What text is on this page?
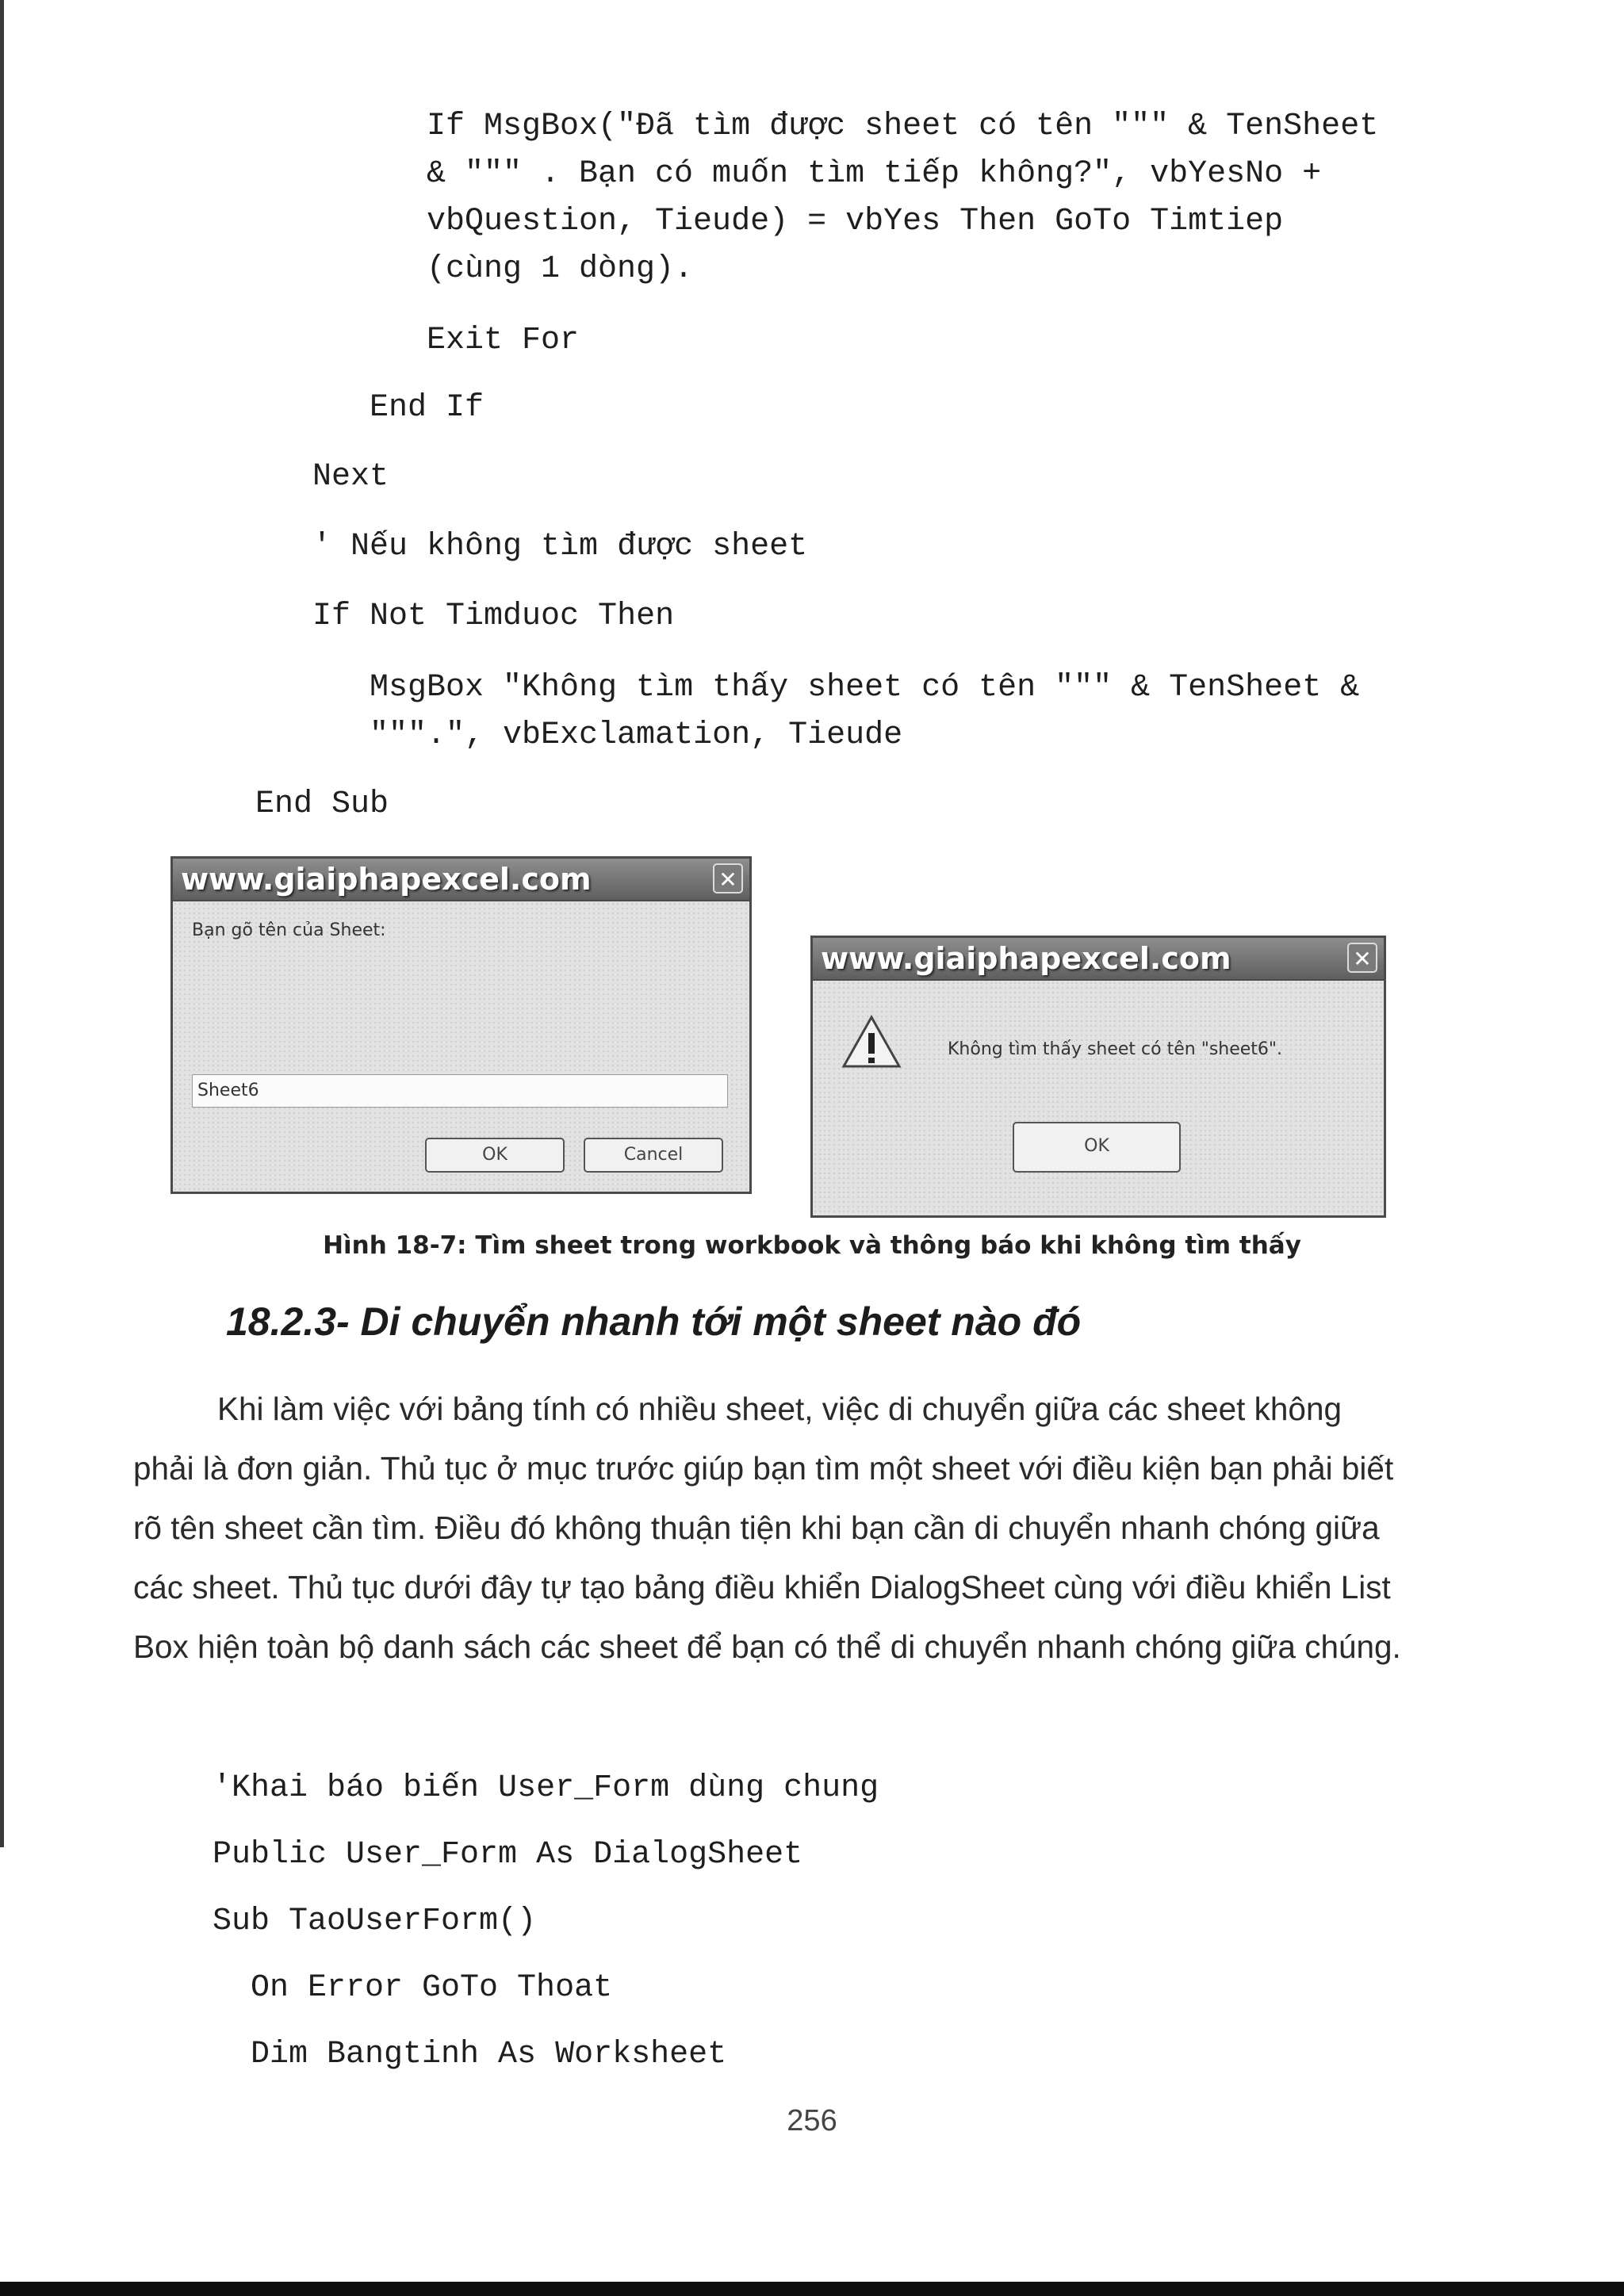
If MsgBox("Đã tìm được sheet có tên """ & TenSheet
& """ . Bạn có muốn tìm tiếp không?", vbYesNo +
vbQuestion, Tieude) = vbYes Then GoTo Timtiep
(cùng 1 dòng).
Exit For
End If
Next
' Nếu không tìm được sheet
If Not Timduoc Then
MsgBox "Không tìm thấy sheet có tên """ & TenSheet &
""".", vbExclamation, Tieude
End Sub
www.giaiphapexcel.com	✕
Bạn gõ tên của Sheet:
Sheet6
OK	Cancel
www.giaiphapexcel.com	✕
Không tìm thấy sheet có tên "sheet6".
OK

Hình 18-7: Tìm sheet trong workbook và thông báo khi không tìm thấy

18.2.3- Di chuyển nhanh tới một sheet nào đó

Khi làm việc với bảng tính có nhiều sheet, việc di chuyển giữa các sheet không phải là đơn giản. Thủ tục ở mục trước giúp bạn tìm một sheet với điều kiện bạn phải biết rõ tên sheet cần tìm. Điều đó không thuận tiện khi bạn cần di chuyển nhanh chóng giữa các sheet. Thủ tục dưới đây tự tạo bảng điều khiển DialogSheet cùng với điều khiển List Box hiện toàn bộ danh sách các sheet để bạn có thể di chuyển nhanh chóng giữa chúng.

'Khai báo biến User_Form dùng chung
Public User_Form As DialogSheet
Sub TaoUserForm()
On Error GoTo Thoat
Dim Bangtinh As Worksheet
256
